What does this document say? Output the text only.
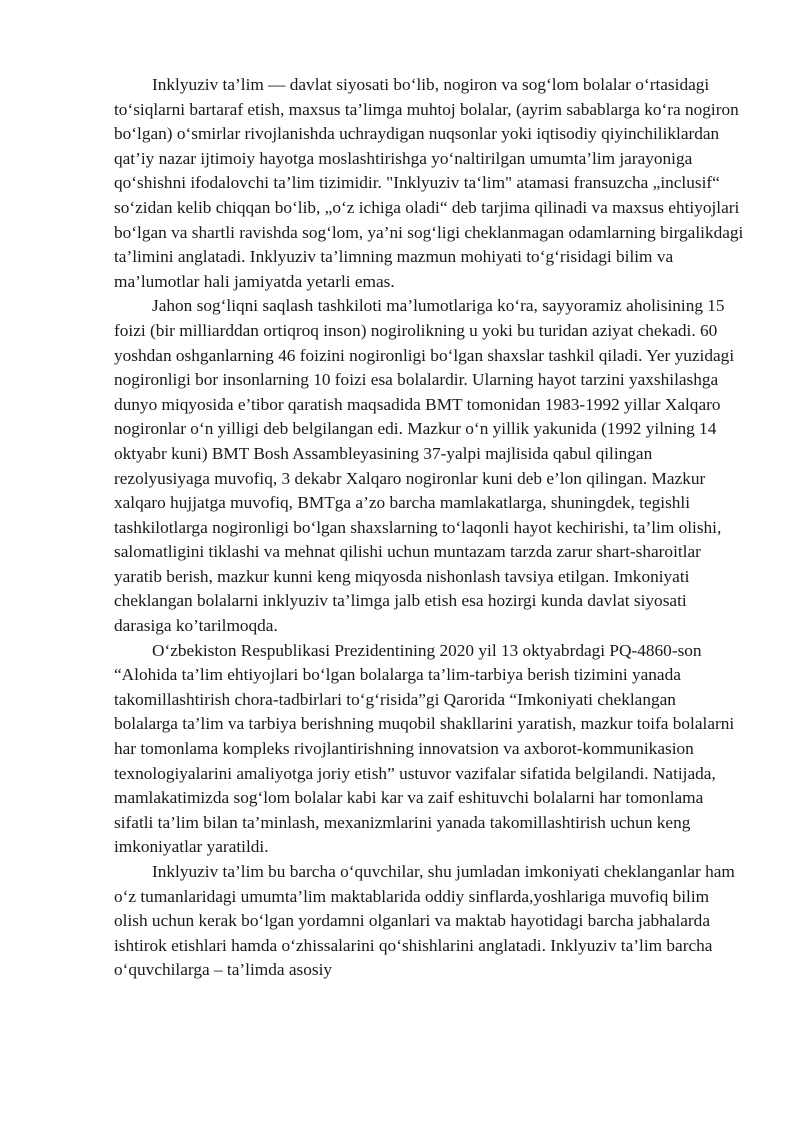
Inklyuziv ta’lim — davlat siyosati bo‘lib, nogiron va sog‘lom bolalar o‘rtasidagi to‘siqlarni bartaraf etish, maxsus ta’limga muhtoj bolalar, (ayrim sabablarga ko‘ra nogiron bo‘lgan) o‘smirlar rivojlanishda uchraydigan nuqsonlar yoki iqtisodiy qiyinchiliklardan qat’iy nazar ijtimoiy hayotga moslashtirishga yo‘naltirilgan umumta’lim jarayoniga qo‘shishni ifodalovchi ta’lim tizimidir. "Inklyuziv ta‘lim" atamasi fransuzcha „inclusif“ so‘zidan kelib chiqqan bo‘lib, „o‘z ichiga oladi“ deb tarjima qilinadi va maxsus ehtiyojlari bo‘lgan va shartli ravishda sog‘lom, ya’ni sog‘ligi cheklanmagan odamlarning birgalikdagi ta’limini anglatadi. Inklyuziv ta’limning mazmun mohiyati to‘g‘risidagi bilim va ma’lumotlar hali jamiyatda yetarli emas.

Jahon sog‘liqni saqlash tashkiloti ma’lumotlariga ko‘ra, sayyoramiz aholisining 15 foizi (bir milliarddan ortiqroq inson) nogirolikning u yoki bu turidan aziyat chekadi. 60 yoshdan oshganlarning 46 foizini nogironligi bo‘lgan shaxslar tashkil qiladi. Yer yuzidagi nogironligi bor insonlarning 10 foizi esa bolalardir. Ularning hayot tarzini yaxshilashga dunyo miqyosida e’tibor qaratish maqsadida BMT tomonidan 1983-1992 yillar Xalqaro nogironlar o‘n yilligi deb belgilangan edi. Mazkur o‘n yillik yakunida (1992 yilning 14 oktyabr kuni) BMT Bosh Assambleyasining 37-yalpi majlisida qabul qilingan rezolyusiyaga muvofiq, 3 dekabr Xalqaro nogironlar kuni deb e’lon qilingan. Mazkur xalqaro hujjatga muvofiq, BMTga a’zo barcha mamlakatlarga, shuningdek, tegishli tashkilotlarga nogironligi bo‘lgan shaxslarning to‘laqonli hayot kechirishi, ta’lim olishi, salomatligini tiklashi va mehnat qilishi uchun muntazam tarzda zarur shart-sharoitlar yaratib berish, mazkur kunni keng miqyosda nishonlash tavsiya etilgan. Imkoniyati cheklangan bolalarni inklyuziv ta’limga jalb etish esa hozirgi kunda davlat siyosati darasiga ko’tarilmoqda.

O‘zbekiston Respublikasi Prezidentining 2020 yil 13 oktyabrdagi PQ-4860-son “Alohida ta’lim ehtiyojlari bo‘lgan bolalarga ta’lim-tarbiya berish tizimini yanada takomillashtirish chora-tadbirlari to‘g‘risida”gi Qarorida “Imkoniyati cheklangan bolalarga ta’lim va tarbiya berishning muqobil shakllarini yaratish, mazkur toifa bolalarni har tomonlama kompleks rivojlantirishning innovatsion va axborot-kommunikasion texnologiyalarini amaliyotga joriy etish” ustuvor vazifalar sifatida belgilandi. Natijada, mamlakatimizda sog‘lom bolalar kabi kar va zaif eshituvchi bolalarni har tomonlama sifatli ta’lim bilan ta’minlash, mexanizmlarini yanada takomillashtirish uchun keng imkoniyatlar yaratildi.

Inklyuziv ta’lim bu barcha o‘quvchilar, shu jumladan imkoniyati cheklanganlar ham o‘z tumanlaridagi umumta’lim maktablarida oddiy sinflarda,yoshlariga muvofiq bilim olish uchun kerak bo‘lgan yordamni olganlari va maktab hayotidagi barcha jabhalarda ishtirok etishlari hamda o‘zhissalarini qo‘shishlarini anglatadi. Inklyuziv ta’lim barcha o‘quvchilarga – ta’limda asosiy
